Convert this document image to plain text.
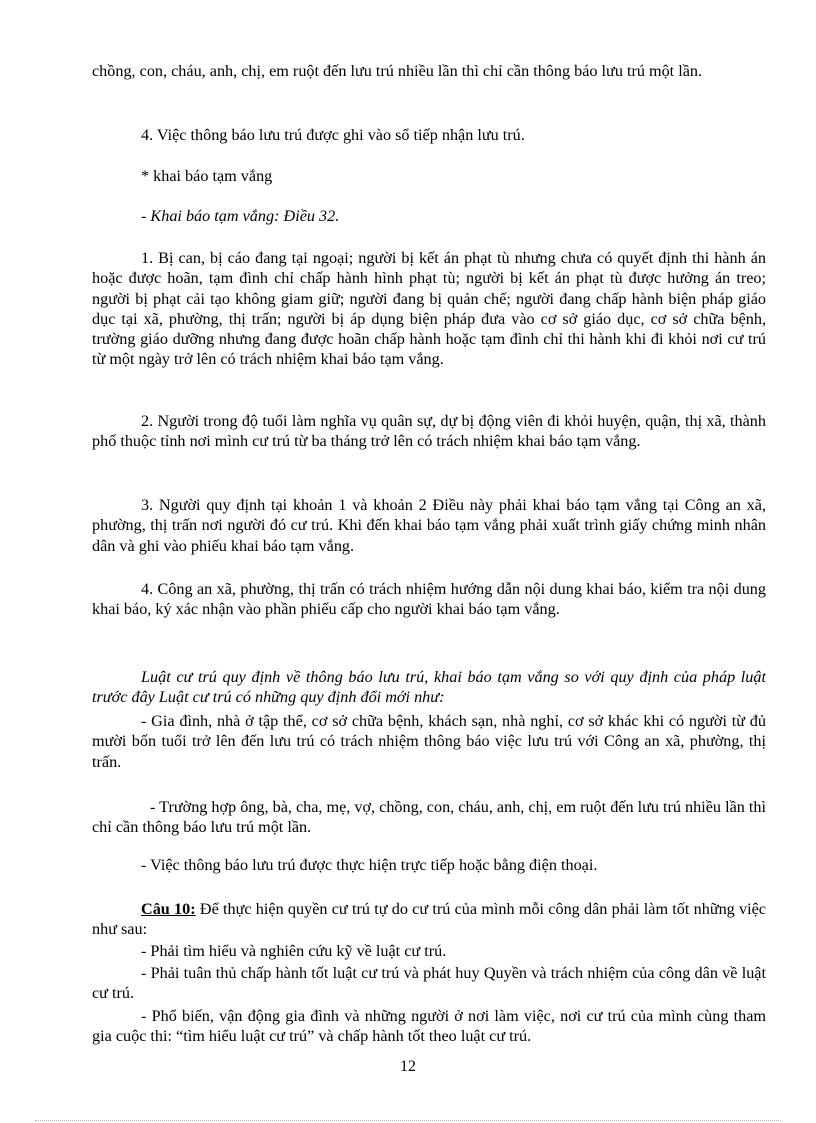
chồng, con, cháu, anh, chị, em ruột đến lưu trú nhiều lần thì chỉ cần thông báo lưu trú một lần.
4. Việc thông báo lưu trú được ghi vào sổ tiếp nhận lưu trú.
* khai báo tạm vắng
- Khai báo tạm vắng: Điều 32.
1. Bị can, bị cáo đang tại ngoại; người bị kết án phạt tù nhưng chưa có quyết định thi hành án hoặc được hoãn, tạm đình chỉ chấp hành hình phạt tù; người bị kết án phạt tù được hưởng án treo; người bị phạt cải tạo không giam giữ; người đang bị quản chế; người đang chấp hành biện pháp giáo dục tại xã, phường, thị trấn; người bị áp dụng biện pháp đưa vào cơ sở giáo dục, cơ sở chữa bệnh, trường giáo dưỡng nhưng đang được hoãn chấp hành hoặc tạm đình chỉ thi hành khi đi khỏi nơi cư trú từ một ngày trở lên có trách nhiệm khai báo tạm vắng.
2. Người trong độ tuổi làm nghĩa vụ quân sự, dự bị động viên đi khỏi huyện, quận, thị xã, thành phố thuộc tỉnh nơi mình cư trú từ ba tháng trở lên có trách nhiệm khai báo tạm vắng.
3. Người quy định tại khoản 1 và khoản 2 Điều này phải khai báo tạm vắng tại Công an xã, phường, thị trấn nơi người đó cư trú. Khi đến khai báo tạm vắng phải xuất trình giấy chứng minh nhân dân và ghi vào phiếu khai báo tạm vắng.
4. Công an xã, phường, thị trấn có trách nhiệm hướng dẫn nội dung khai báo, kiểm tra nội dung khai báo, ký xác nhận vào phần phiếu cấp cho người khai báo tạm vắng.
Luật cư trú quy định về thông báo lưu trú, khai báo tạm vắng so với quy định của pháp luật trước đây Luật cư trú có những quy định đổi mới như:
- Gia đình, nhà ở tập thể, cơ sở chữa bệnh, khách sạn, nhà nghỉ, cơ sở khác khi có người từ đủ mười bốn tuổi trở lên đến lưu trú có trách nhiệm thông báo việc lưu trú với Công an xã, phường, thị trấn.
- Trường hợp ông, bà, cha, mẹ, vợ, chồng, con, cháu, anh, chị, em ruột đến lưu trú nhiều lần thì chỉ cần thông báo lưu trú một lần.
- Việc thông báo lưu trú được thực hiện trực tiếp hoặc bằng điện thoại.
Câu 10: Để thực hiện quyền cư trú tự do cư trú của mình mỗi công dân phải làm tốt những việc như sau:
- Phải tìm hiểu và nghiên cứu kỹ về luật cư trú.
- Phải tuân thủ chấp hành tốt luật cư trú và phát huy Quyền và trách nhiệm của công dân về luật cư trú.
- Phổ biến, vận động gia đình và những người ở nơi làm việc, nơi cư trú của mình cùng tham gia cuộc thi: “tìm hiểu luật cư trú” và chấp hành tốt theo luật cư trú.
12
